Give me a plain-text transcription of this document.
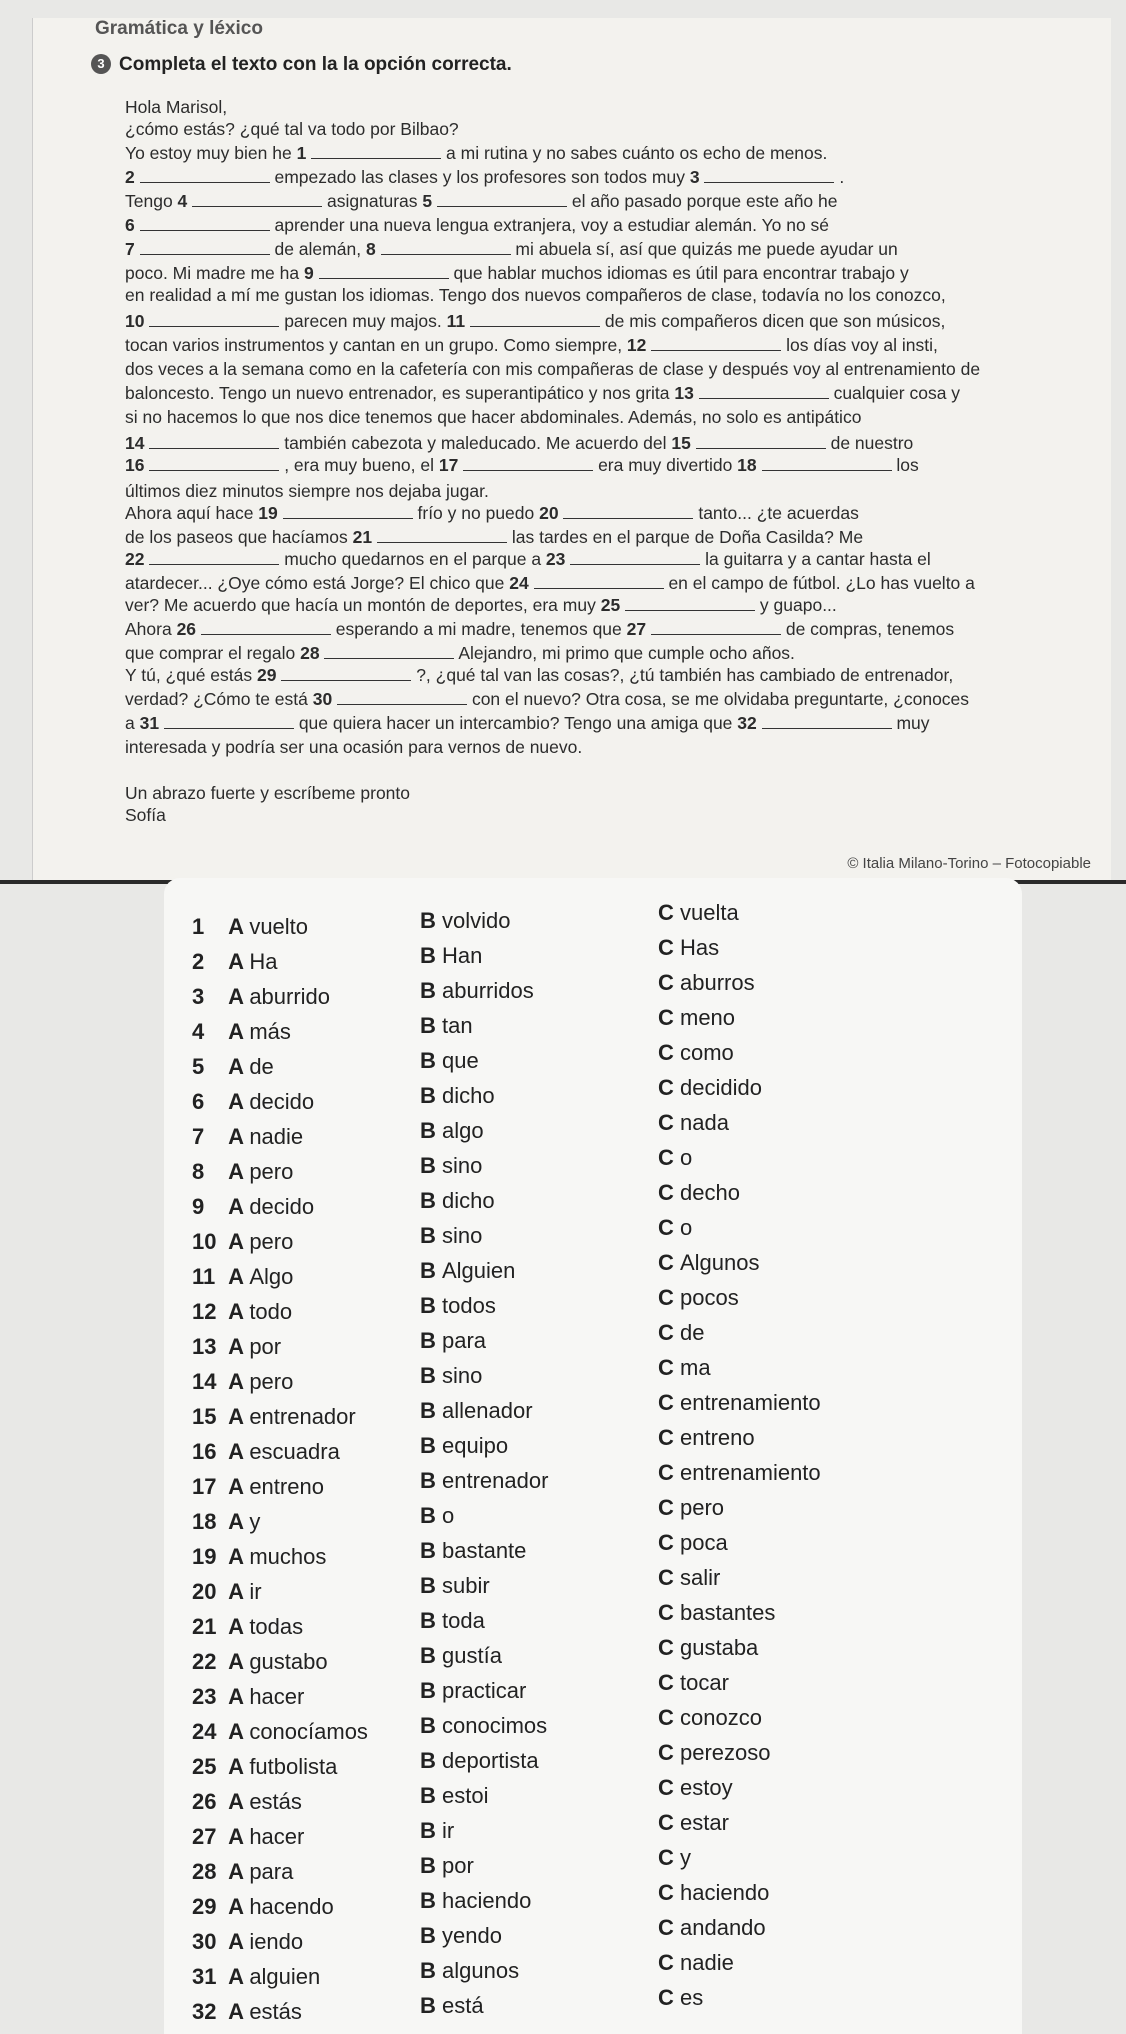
Gramática y léxico
3 Completa el texto con la la opción correcta.
Hola Marisol,
¿cómo estás? ¿qué tal va todo por Bilbao?
Yo estoy muy bien he 1	a mi rutina y no sabes cuánto os echo de menos.
2	empezado las clases y los profesores son todos muy 3	.
Tengo 4	asignaturas 5	el año pasado porque este año he
6	aprender una nueva lengua extranjera, voy a estudiar alemán. Yo no sé
7	de alemán, 8	mi abuela sí, así que quizás me puede ayudar un
poco. Mi madre me ha 9	que hablar muchos idiomas es útil para encontrar trabajo y
en realidad a mí me gustan los idiomas. Tengo dos nuevos compañeros de clase, todavía no los conozco,
10	parecen muy majos. 11	de mis compañeros dicen que son músicos,
tocan varios instrumentos y cantan en un grupo. Como siempre, 12	los días voy al insti,
dos veces a la semana como en la cafetería con mis compañeras de clase y después voy al entrenamiento de
baloncesto. Tengo un nuevo entrenador, es superantipático y nos grita 13	cualquier cosa y
si no hacemos lo que nos dice tenemos que hacer abdominales. Además, no solo es antipático
14	también cabezota y maleducado. Me acuerdo del 15	de nuestro
16	, era muy bueno, el 17	era muy divertido 18	los
últimos diez minutos siempre nos dejaba jugar.
Ahora aquí hace 19	frío y no puedo 20	tanto... ¿te acuerdas
de los paseos que hacíamos 21	las tardes en el parque de Doña Casilda? Me
22	mucho quedarnos en el parque a 23	la guitarra y a cantar hasta el
atardecer... ¿Oye cómo está Jorge? El chico que 24	en el campo de fútbol. ¿Lo has vuelto a
ver? Me acuerdo que hacía un montón de deportes, era muy 25	y guapo...
Ahora 26	esperando a mi madre, tenemos que 27	de compras, tenemos
que comprar el regalo 28	Alejandro, mi primo que cumple ocho años.
Y tú, ¿qué estás 29	?, ¿qué tal van las cosas?, ¿tú también has cambiado de entrenador,
verdad? ¿Cómo te está 30	con el nuevo? Otra cosa, se me olvidaba preguntarte, ¿conoces
a 31	que quiera hacer un intercambio? Tengo una amiga que 32	muy
interesada y podría ser una ocasión para vernos de nuevo.
Un abrazo fuerte y escríbeme pronto
Sofía
© Italia Milano-Torino – Fotocopiable
1 A vuelto	B volvido	C vuelta
2 A Ha	B Han	C Has
3 A aburrido	B aburridos	C aburros
4 A más	B tan	C meno
5 A de	B que	C como
6 A decido	B dicho	C decidido
7 A nadie	B algo	C nada
8 A pero	B sino	C o
9 A decido	B dicho	C decho
10 A pero	B sino	C o
11 A Algo	B Alguien	C Algunos
12 A todo	B todos	C pocos
13 A por	B para	C de
14 A pero	B sino	C ma
15 A entrenador	B allenador	C entrenamiento
16 A escuadra	B equipo	C entreno
17 A entreno	B entrenador	C entrenamiento
18 A y	B o	C pero
19 A muchos	B bastante	C poca
20 A ir	B subir	C salir
21 A todas	B toda	C bastantes
22 A gustabo	B gustía	C gustaba
23 A hacer	B practicar	C tocar
24 A conocíamos B conocimos	C conozco
25 A futbolista	B deportista	C perezoso
26 A estás	B estoi	C estoy
27 A hacer	B ir	C estar
28 A para	B por	C y
29 A hacendo	B haciendo	C haciendo
30 A iendo	B yendo	C andando
31 A alguien	B algunos	C nadie
32 A estás	B está	C es
